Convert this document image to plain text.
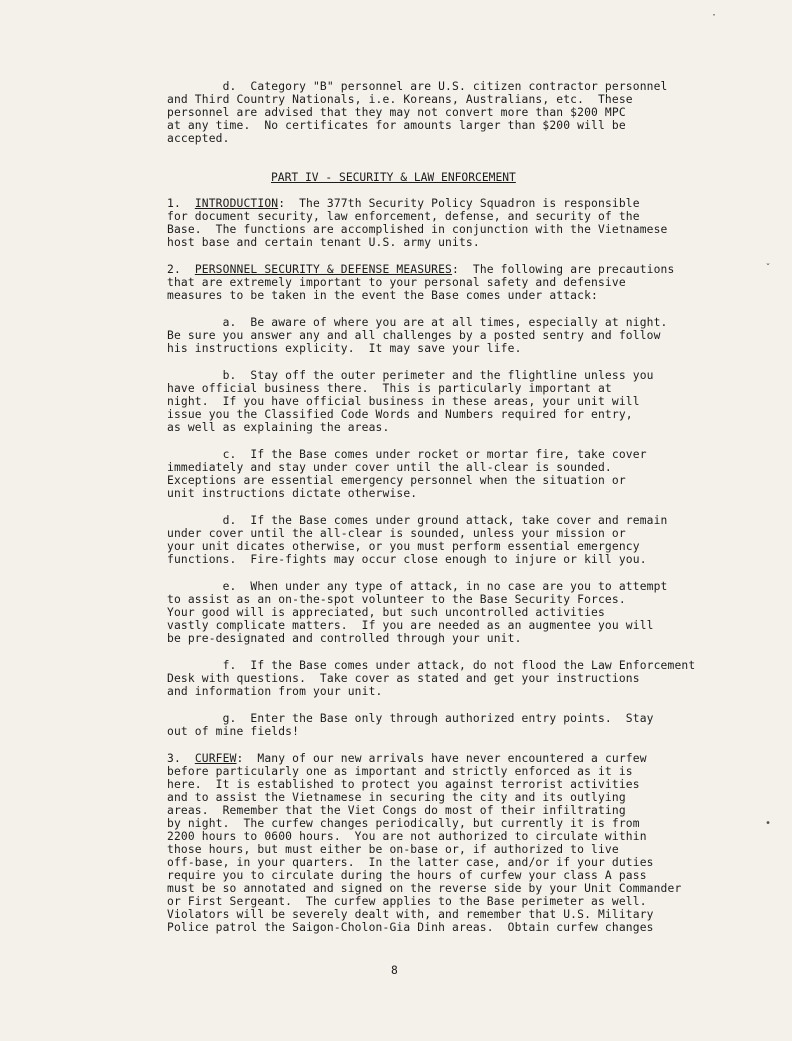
d.  Category "B" personnel are U.S. citizen contractor personnel
and Third Country Nationals, i.e. Koreans, Australians, etc.  These
personnel are advised that they may not convert more than $200 MPC
at any time.  No certificates for amounts larger than $200 will be
accepted.
PART IV - SECURITY & LAW ENFORCEMENT
1.  INTRODUCTION:  The 377th Security Policy Squadron is responsible
for document security, law enforcement, defense, and security of the
Base.  The functions are accomplished in conjunction with the Vietnamese
host base and certain tenant U.S. army units.
2.  PERSONNEL SECURITY & DEFENSE MEASURES:  The following are precautions
that are extremely important to your personal safety and defensive
measures to be taken in the event the Base comes under attack:
a.  Be aware of where you are at all times, especially at night.
Be sure you answer any and all challenges by a posted sentry and follow
his instructions explicity.  It may save your life.
b.  Stay off the outer perimeter and the flightline unless you
have official business there.  This is particularly important at
night.  If you have official business in these areas, your unit will
issue you the Classified Code Words and Numbers required for entry,
as well as explaining the areas.
c.  If the Base comes under rocket or mortar fire, take cover
immediately and stay under cover until the all-clear is sounded.
Exceptions are essential emergency personnel when the situation or
unit instructions dictate otherwise.
d.  If the Base comes under ground attack, take cover and remain
under cover until the all-clear is sounded, unless your mission or
your unit dicates otherwise, or you must perform essential emergency
functions.  Fire-fights may occur close enough to injure or kill you.
e.  When under any type of attack, in no case are you to attempt
to assist as an on-the-spot volunteer to the Base Security Forces.
Your good will is appreciated, but such uncontrolled activities
vastly complicate matters.  If you are needed as an augmentee you will
be pre-designated and controlled through your unit.
f.  If the Base comes under attack, do not flood the Law Enforcement
Desk with questions.  Take cover as stated and get your instructions
and information from your unit.
g.  Enter the Base only through authorized entry points.  Stay
out of mine fields!
3.  CURFEW:  Many of our new arrivals have never encountered a curfew
before particularly one as important and strictly enforced as it is
here.  It is established to protect you against terrorist activities
and to assist the Vietnamese in securing the city and its outlying
areas.  Remember that the Viet Congs do most of their infiltrating
by night.  The curfew changes periodically, but currently it is from
2200 hours to 0600 hours.  You are not authorized to circulate within
those hours, but must either be on-base or, if authorized to live
off-base, in your quarters.  In the latter case, and/or if your duties
require you to circulate during the hours of curfew your class A pass
must be so annotated and signed on the reverse side by your Unit Commander
or First Sergeant.  The curfew applies to the Base perimeter as well.
Violators will be severely dealt with, and remember that U.S. Military
Police patrol the Saigon-Cholon-Gia Dinh areas.  Obtain curfew changes
8
·
ˇ
•
